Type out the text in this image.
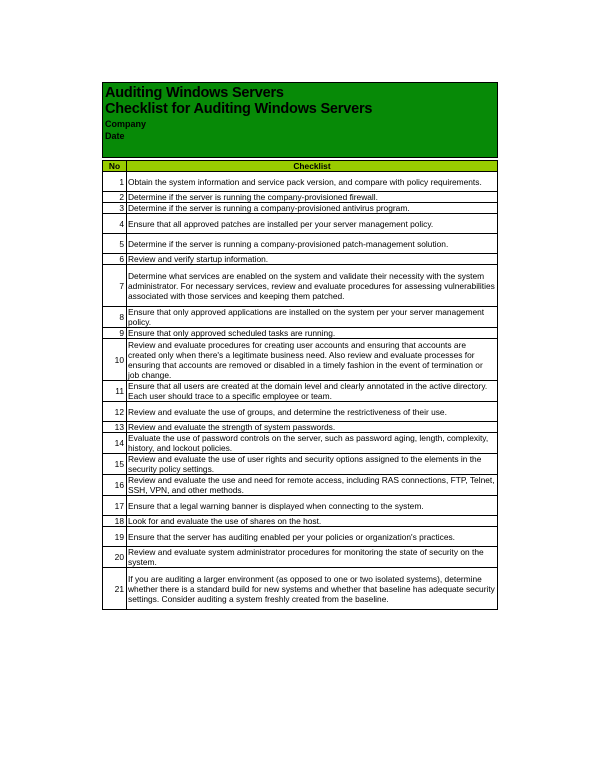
Auditing Windows Servers
Checklist for Auditing Windows Servers
Company
Date
No	Checklist
1	Obtain the system information and service pack version, and compare with policy requirements.
2	Determine if the server is running the company-provisioned firewall.
3	Determine if the server is running a company-provisioned antivirus program.
4	Ensure that all approved patches are installed per your server management policy.
5	Determine if the server is running a company-provisioned patch-management solution.
6	Review and verify startup information.
7	Determine what services are enabled on the system and validate their necessity with the system administrator. For necessary services, review and evaluate procedures for assessing vulnerabilities associated with those services and keeping them patched.
8	Ensure that only approved applications are installed on the system per your server management policy.
9	Ensure that only approved scheduled tasks are running.
10	Review and evaluate procedures for creating user accounts and ensuring that accounts are created only when there's a legitimate business need. Also review and evaluate processes for ensuring that accounts are removed or disabled in a timely fashion in the event of termination or job change.
11	Ensure that all users are created at the domain level and clearly annotated in the active directory. Each user should trace to a specific employee or team.
12	Review and evaluate the use of groups, and determine the restrictiveness of their use.
13	Review and evaluate the strength of system passwords.
14	Evaluate the use of password controls on the server, such as password aging, length, complexity, history, and lockout policies.
15	Review and evaluate the use of user rights and security options assigned to the elements in the security policy settings.
16	Review and evaluate the use and need for remote access, including RAS connections, FTP, Telnet, SSH, VPN, and other methods.
17	Ensure that a legal warning banner is displayed when connecting to the system.
18	Look for and evaluate the use of shares on the host.
19	Ensure that the server has auditing enabled per your policies or organization's practices.
20	Review and evaluate system administrator procedures for monitoring the state of security on the system.
21	If you are auditing a larger environment (as opposed to one or two isolated systems), determine whether there is a standard build for new systems and whether that baseline has adequate security settings. Consider auditing a system freshly created from the baseline.
